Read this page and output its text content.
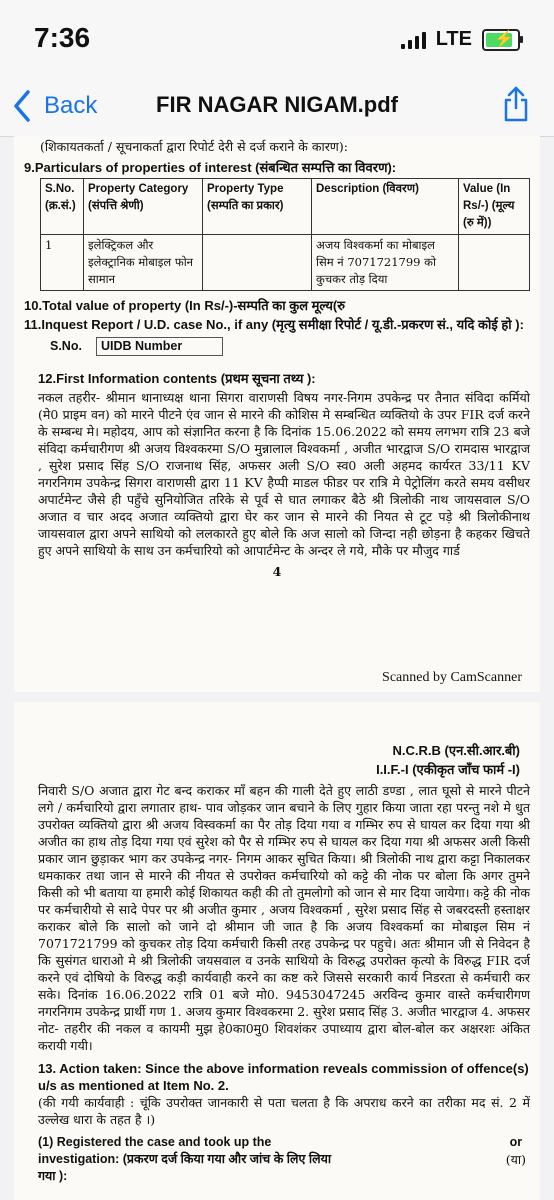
7:36	LTE ⚡
Back	FIR NAGAR NIGAM.pdf
(शिकायतकर्ता / सूचनाकर्ता द्वारा रिपोर्ट देरी से दर्ज कराने के कारण):
9.Particulars of properties of interest (संबन्धित सम्पत्ति का विवरण):
S.No. (क्र.सं.)	Property Category (संपत्ति श्रेणी)	Property Type (सम्पति का प्रकार)	Description (विवरण)	Value (In Rs/-) (मूल्य (रु में))
1	इलेक्ट्रिकल और इलेक्ट्रानिक मोबाइल फोन सामान		अजय विश्वकर्मा का मोबाइल सिम नं 7071721799 को कुचकर तोड़ दिया	
10.Total value of property (In Rs/-)-सम्पति का कुल मूल्य(रु
11.Inquest Report / U.D. case No., if any (मृत्यु समीक्षा रिपोर्ट / यू.डी.-प्रकरण सं., यदि कोई हो ):
S.No. UIDB Number
12.First Information contents (प्रथम सूचना तथ्य ):
नकल तहरीर- श्रीमान थानाध्यक्ष थाना सिगरा वाराणसी विषय नगर-निगम उपकेन्द्र पर तैनात संविदा कर्मियो (मे0 प्राइम वन) को मारने पीटने एंव जान से मारने की कोशिस मे सम्बन्धित व्यक्तियो के उपर FIR दर्ज करने के सम्बन्ध मे। महोदय, आप को संज्ञानित करना है कि दिनांक 15.06.2022 को समय लगभग रात्रि 23 बजे संविदा कर्मचारीगण श्री अजय विश्वकरमा S/O मुन्नालाल विश्वकर्मा , अजीत भारद्वाज S/O रामदास भारद्वाज , सुरेश प्रसाद सिंह S/O राजनाथ सिंह, अफसर अली S/O स्व0 अली अहमद कार्यरत 33/11 KV नगरनिगम उपकेन्द्र सिगरा वाराणसी द्वारा 11 KV हैप्पी माडल फीडर पर रात्रि मे पेट्रोलिंग करते समय वसीधर अपार्टमेन्ट जैसे ही पहुँचे सुनियोजित तरिके से पूर्व से घात लगाकर बैठे श्री त्रिलोकी नाथ जायसवाल S/O अजात व चार अदद अजात व्यक्तियो द्वारा घेर कर जान से मारने की नियत से टूट पड़े श्री त्रिलोकीनाथ जायसवाल द्वारा अपने साथियो को ललकारते हुए बोले कि अज सालो को जिन्दा नही छोड़ना है कहकर खिचते हुए अपने साथियो के साथ उन कर्मचारियो को आपार्टमेन्ट के अन्दर ले गये, मौके पर मौजुद गार्ड
4
Scanned by CamScanner
N.C.R.B (एन.सी.आर.बी)
I.I.F.-I (एकीकृत जाँच फार्म -I)
निवारी S/O अजात द्वारा गेट बन्द कराकर माँ बहन की गाली देते हुए लाठी डण्डा , लात घूसो से मारने पीटने लगे / कर्मचारियो द्वारा लगातार हाथ- पाव जोड़कर जान बचाने के लिए गुहार किया जाता रहा परन्तु नशे मे धुत उपरोक्त व्यक्तियो द्वारा श्री अजय विस्वकर्मा का पैर तोड़ दिया गया व गम्भिर रुप से घायल कर दिया गया श्री अजीत का हाथ तोड़ दिया गया एवं सुरेश को पैर से गम्भिर रुप से घायल कर दिया गया श्री अफसर अली किसी प्रकार जान छुड़ाकर भाग कर उपकेन्द्र नगर- निगम आकर सुचित किया। श्री त्रिलोकी नाथ द्वारा कट्टा निकालकर धमकाकर तथा जान से मारने की नीयत से उपरोक्त कर्मचारियो को कट्टे की नोक पर बोला कि अगर तुमने किसी को भी बताया या हमारी कोई शिकायत कही की तो तुमलोगो को जान से मार दिया जायेगा। कट्टे की नोक पर कर्मचारीयो से सादे पेपर पर श्री अजीत कुमार , अजय विश्वकर्मा , सुरेश प्रसाद सिंह से जबरदस्ती हस्ताक्षर कराकर बोले कि सालो को जाने दो श्रीमान जी जात है कि अजय विश्वकर्मा का मोबाइल सिम नं 7071721799 को कुचकर तोड़ दिया कर्मचारी किसी तरह उपकेन्द्र पर पहुचे। अतः श्रीमान जी से निवेदन है कि सुसंगत धाराओ मे श्री त्रिलोकी जयसवाल व उनके साथियो के विरुद्ध उपरोक्त कृत्यो के विरुद्ध FIR दर्ज करने एवं दोषियो के विरुद्ध कड़ी कार्यवाही करने का कष्ट करे जिससे सरकारी कार्य निडरता से कर्मचारी कर सके। दिनांक 16.06.2022 रात्रि 01 बजे मो0. 9453047245 अरविन्द कुमार वास्ते कर्मचारीगण नगरनिगम उपकेन्द्र प्रार्थी गण 1. अजय कुमार विश्वकरमा 2. सुरेश प्रसाद सिंह 3. अजीत भारद्वाज 4. अफसर नोट- तहरीर की नकल व कायमी मुझ हे0का0मु0 शिवशंकर उपाध्याय द्वारा बोल-बोल कर अक्षरशः अंकित करायी गयी।
13. Action taken: Since the above information reveals commission of offence(s) u/s as mentioned at Item No. 2.
(की गयी कार्यवाही : चूंकि उपरोक्त जानकारी से पता चलता है कि अपराध करने का तरीका मद सं. 2 में उल्लेख धारा के तहत है ।)
(1) Registered the case and took up the investigation: (प्रकरण दर्ज किया गया और जांच के लिए लिया गया ):
or
(या)
